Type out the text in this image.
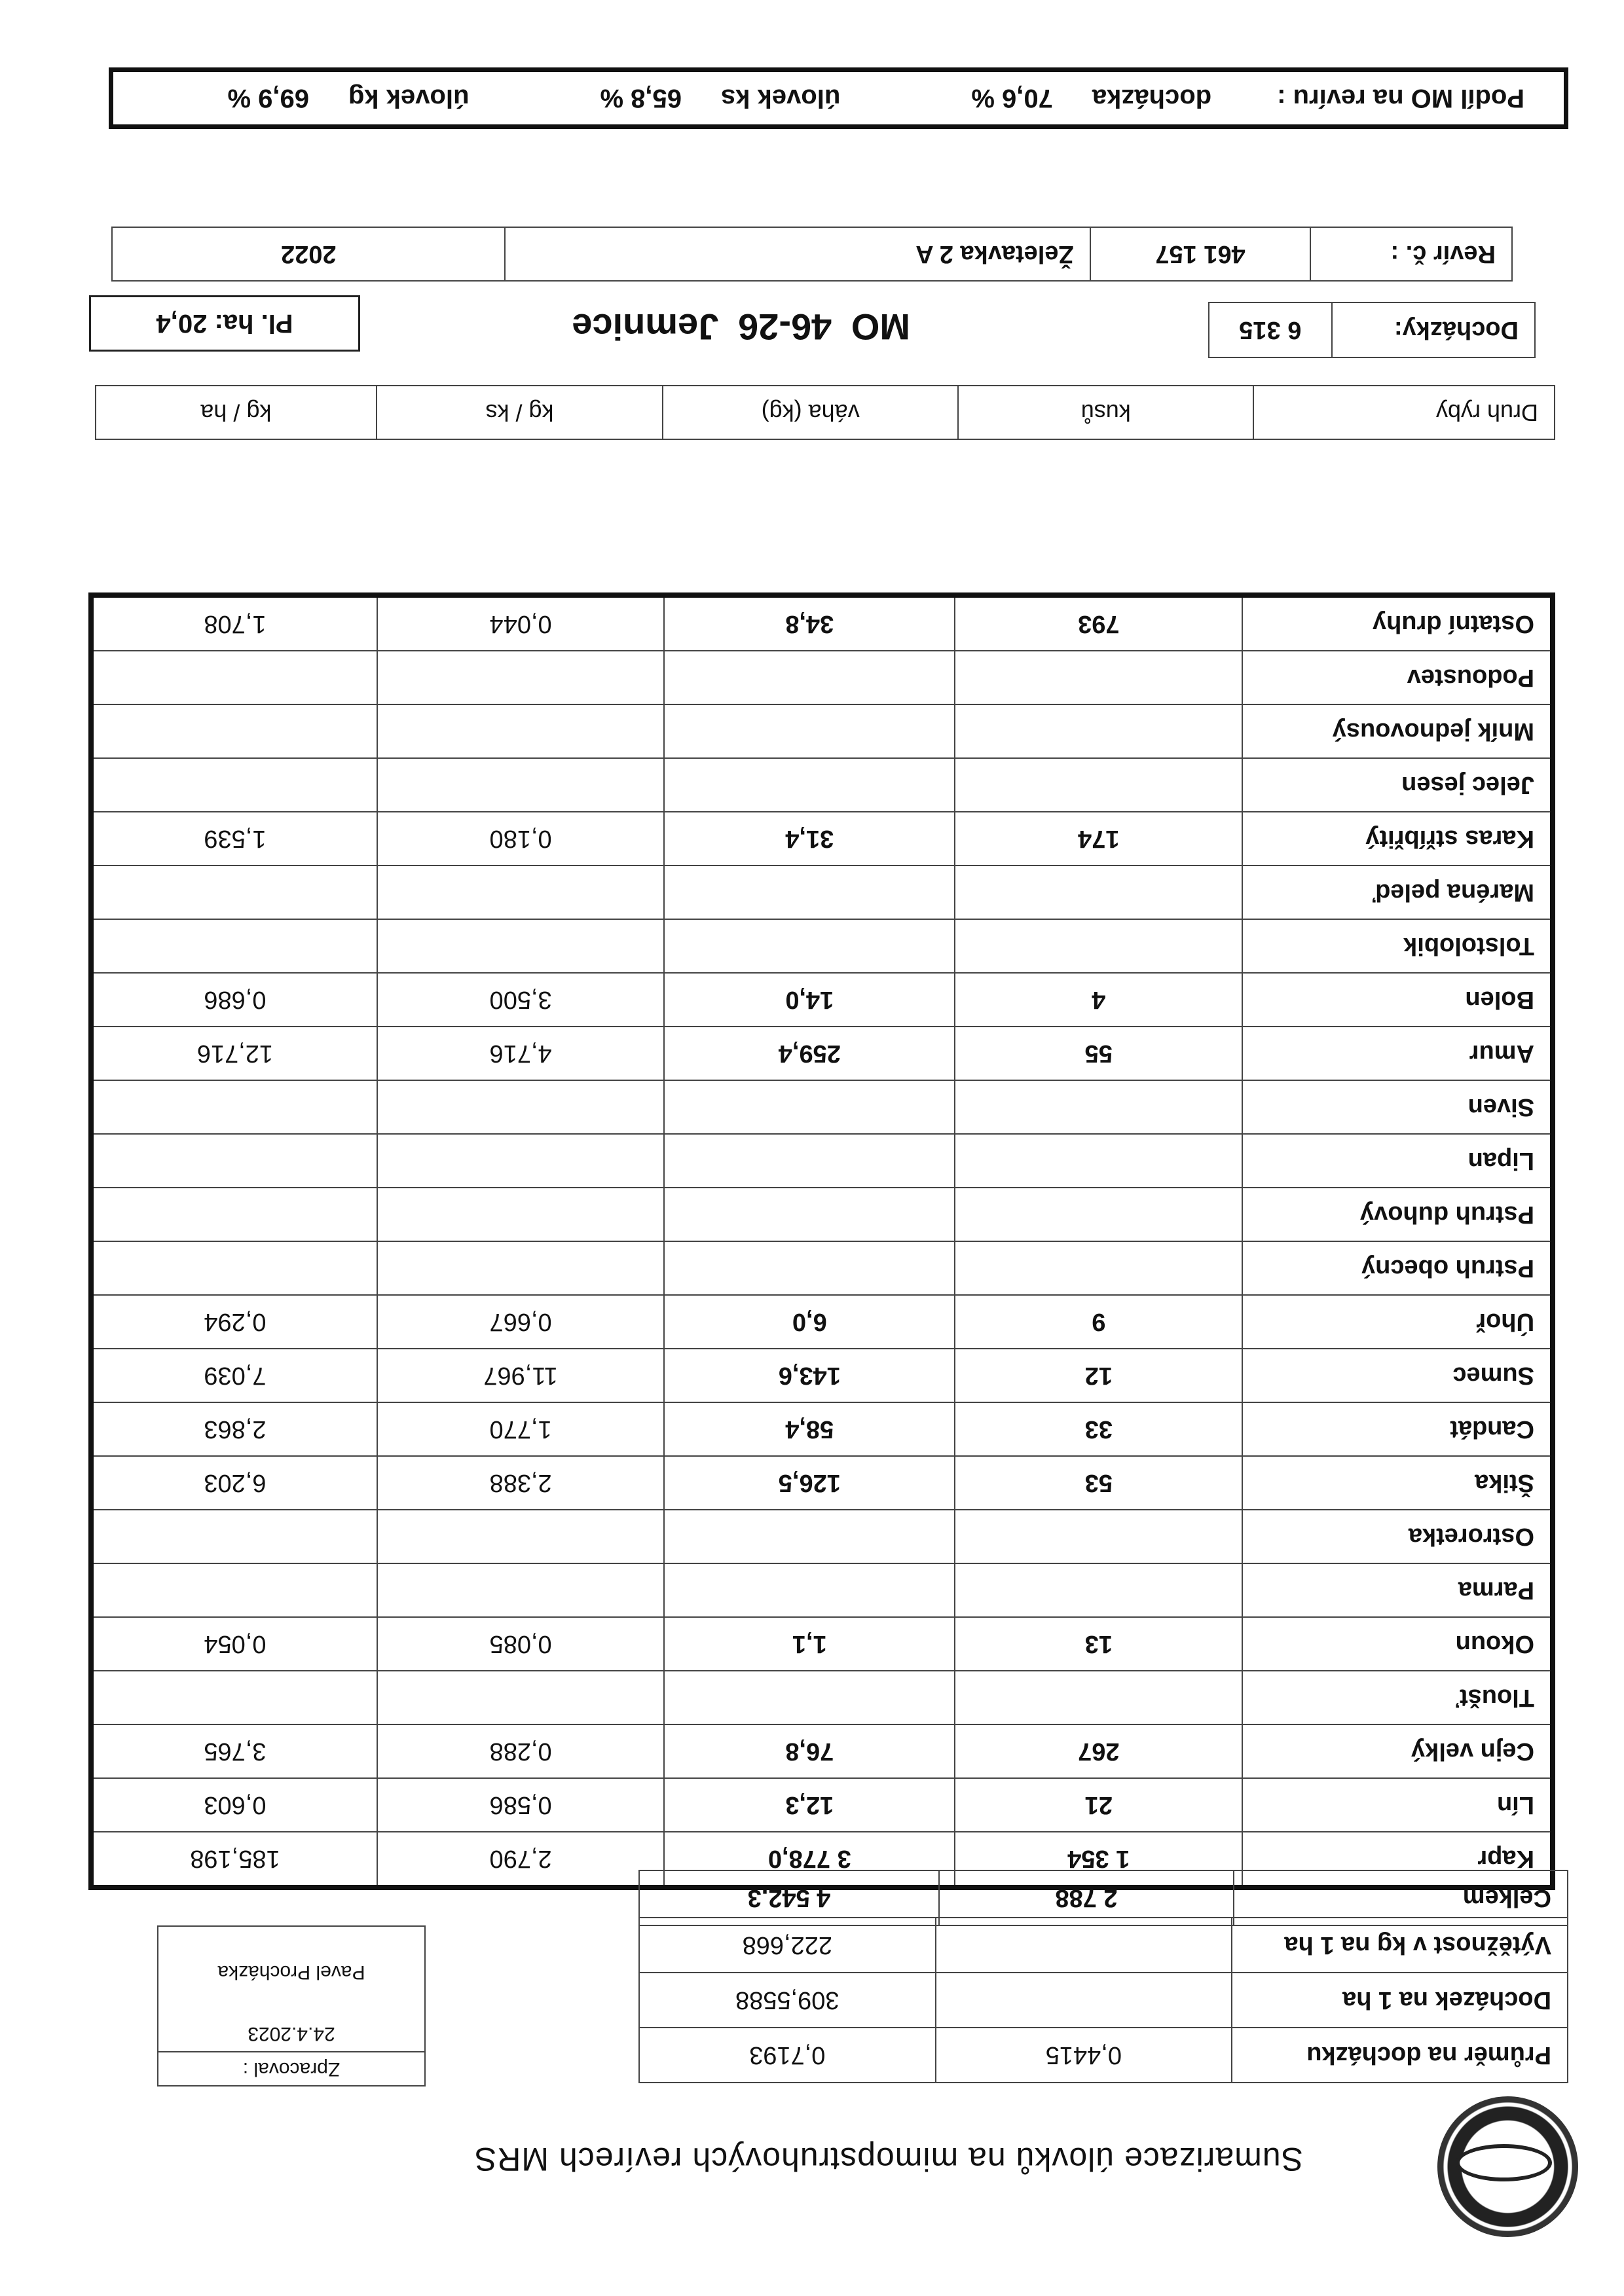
Sumarizace úlovků na mimopstruhových revírech MRS
Revír č. :	461 157	Želetavka 2 A	2022
Docházky:	6 315
MO 46-26 Jemnice
Pl. ha:

20,4
Druh ryby	kusů	váha (kg)	kg / ks	kg / ha
Kapr	1 354	3 778,0	2,790	185,198
Lín	21	12,3	0,586	0,603
Cejn velký	267	76,8	0,288	3,765
Tloušť				
Okoun	13	1,1	0,085	0,054
Parma				
Ostroretka				
Štika	53	126,5	2,388	6,203
Candát	33	58,4	1,770	2,863
Sumec	12	143,6	11,967	7,039
Úhoř	9	6,0	0,667	0,294
Pstruh obecný				
Pstruh duhový				
Lipan				
Siven				
Amur	55	259,4	4,716	12,716
Bolen	4	14,0	3,500	0,686
Tolstolobik				
Maréna peleď				
Karas stříbřitý	174	31,4	0,180	1,539
Jelec jesen				
Mník jednovousý				
Podoustev				
Ostatní druhy	793	34,8	0,044	1,708
Celkem	2 788	4 542,3
Průměr na docházku	0,4415	0,7193
Docházek na 1 ha		309,5588
Výtěžnost v kg na 1 ha		222,668
Zpracoval :

24.4.2023
Pavel Procházka
Podíl MO na revíru :
docházka
70,6 %
úlovek ks
65,8 %
úlovek kg
69,9 %
